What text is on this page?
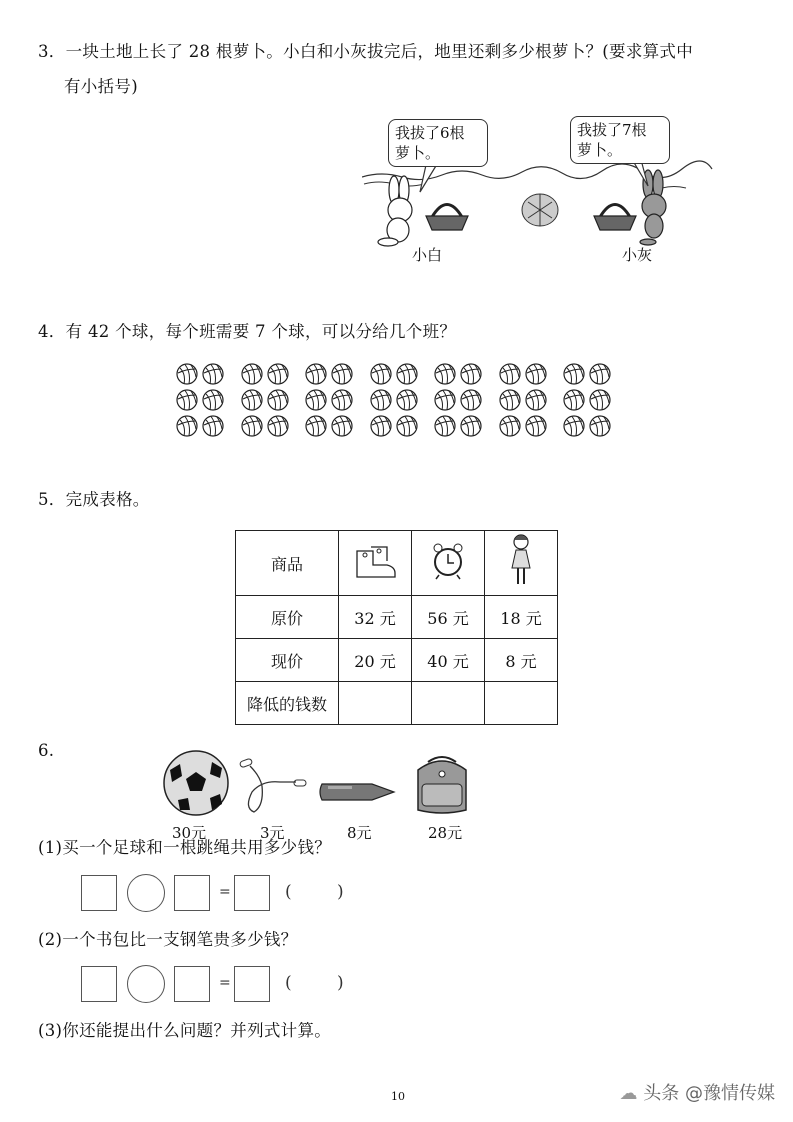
3．一块土地上长了 28 根萝卜。小白和小灰拔完后，地里还剩多少根萝卜？(要求算式中
有小括号)
我拔了6根
萝卜。
我拔了7根
萝卜。
小白	小灰
4．有 42 个球，每个班需要 7 个球，可以分给几个班？
5．完成表格。
商品			
原价	32 元	56 元	18 元
现价	20 元	40 元	8 元
降低的钱数			
6.
30元	3元	8元	28元
(1)买一个足球和一根跳绳共用多少钱？
=	(	)
(2)一个书包比一支钢笔贵多少钱？
=	(	)
(3)你还能提出什么问题？并列式计算。
10	☁ 头条 @豫情传媒
